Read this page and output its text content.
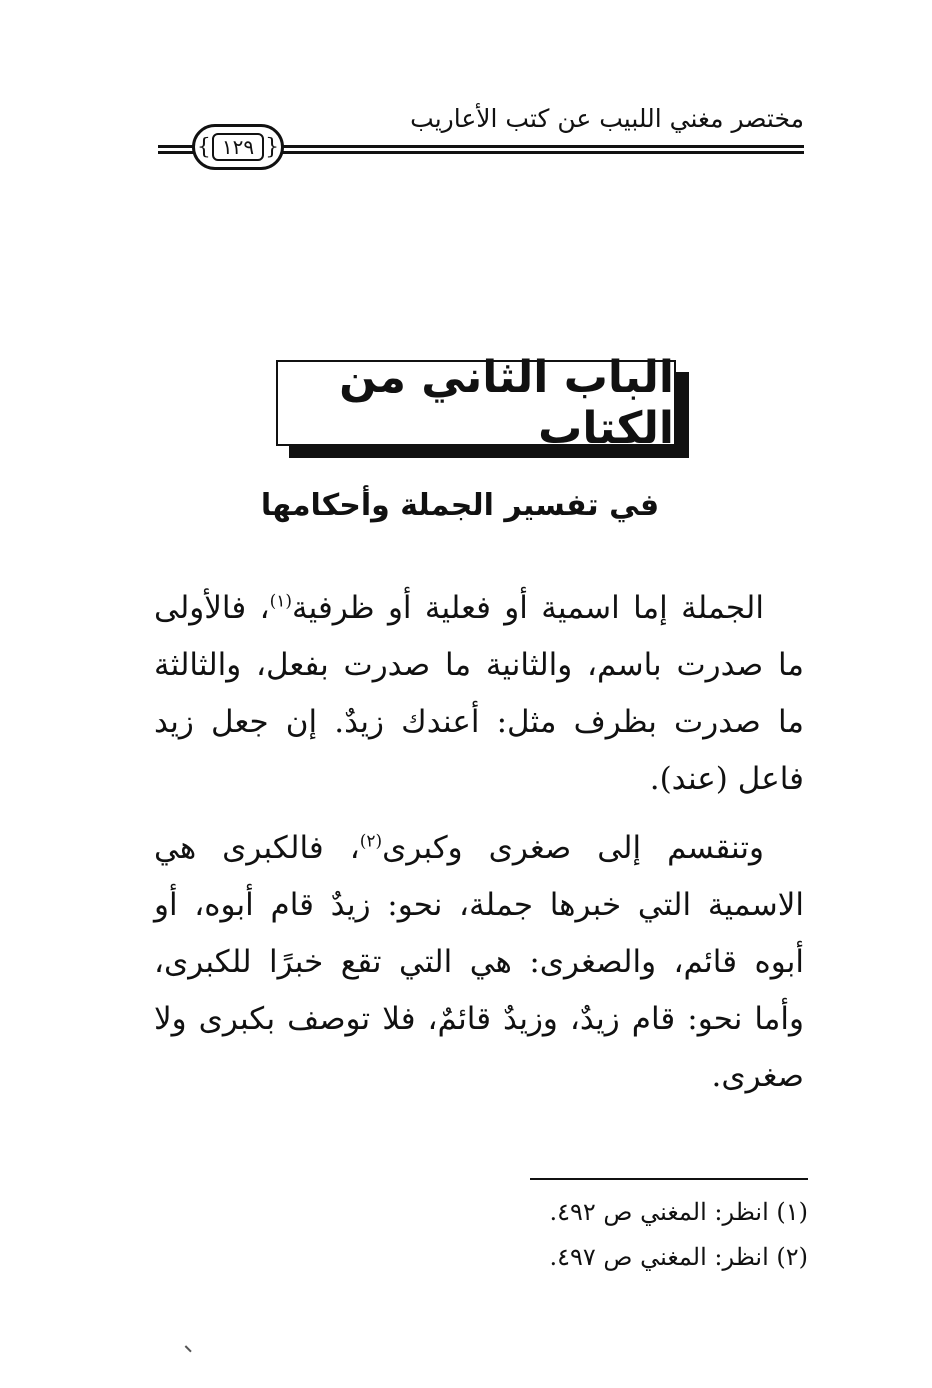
مختصر مغني اللبيب عن كتب الأعاريب
{
١٢٩
}
الباب الثاني من الكتاب
في تفسير الجملة وأحكامها
الجملة إما اسمية أو فعلية أو ظرفية$^{(١)}$، فالأولى ما صدرت باسم، والثانية ما صدرت بفعل، والثالثة ما صدرت بظرف مثل: أعندك زيدٌ. إن جعل زيد فاعل (عند).
وتنقسم إلى صغرى وكبرى$^{(٢)}$، فالكبرى هي الاسمية التي خبرها جملة، نحو: زيدٌ قام أبوه، أو أبوه قائم، والصغرى: هي التي تقع خبرًا للكبرى، وأما نحو: قام زيدٌ، وزيدٌ قائمٌ، فلا توصف بكبرى ولا صغرى.
(١) انظر: المغني ص ٤٩٢.
(٢) انظر: المغني ص ٤٩٧.
